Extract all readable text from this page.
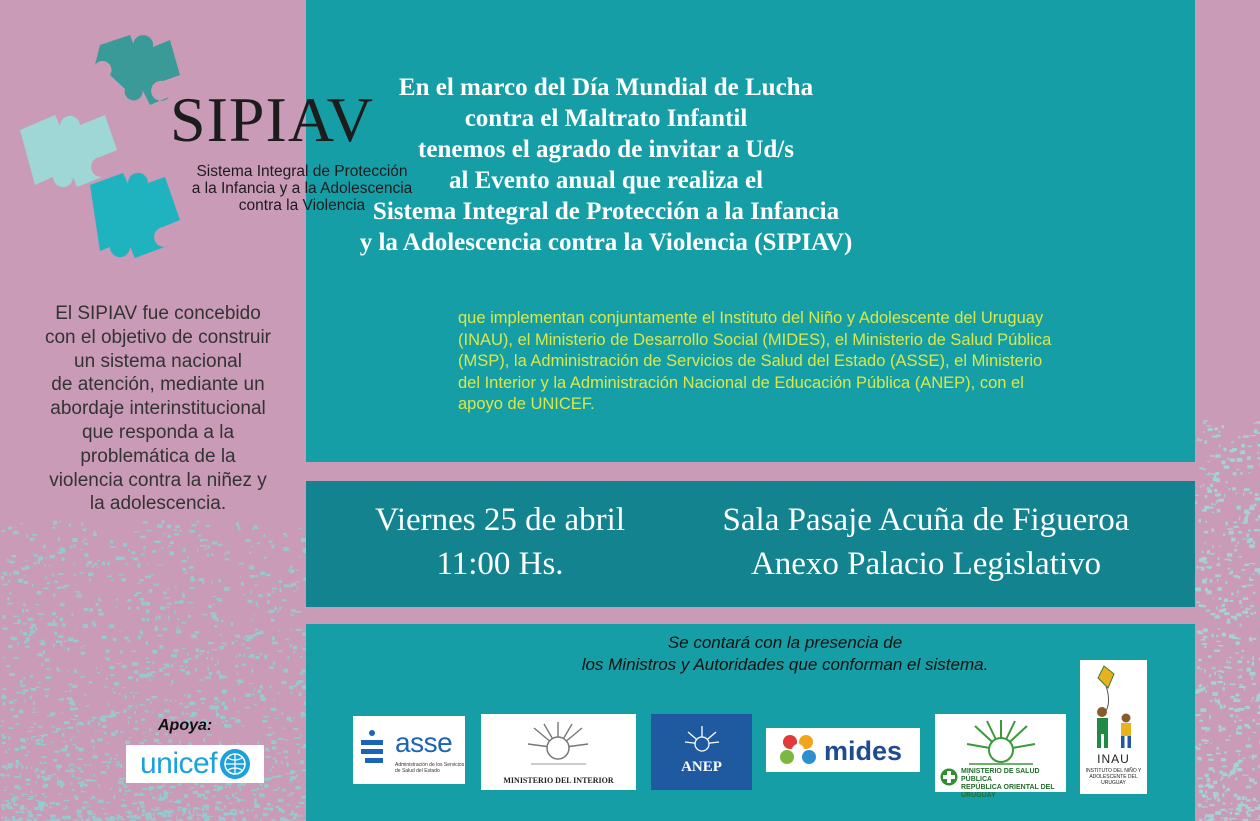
SIPIAV
Sistema Integral de Protección
a la Infancia y a la Adolescencia
contra la Violencia
El SIPIAV fue concebido
con el objetivo de construir
un sistema nacional
de atención, mediante un
abordaje interinstitucional
que responda a la
problemática de la
violencia contra la niñez y
la adolescencia.
Apoya:
unicef
En el marco del Día Mundial de Lucha
contra el Maltrato Infantil
tenemos el agrado de invitar a Ud/s
al Evento anual que realiza el
Sistema Integral de Protección a la Infancia
y la Adolescencia contra la Violencia (SIPIAV)
que implementan conjuntamente el Instituto del Niño y Adolescente del Uruguay
(INAU), el Ministerio de Desarrollo Social (MIDES), el Ministerio de Salud Pública
(MSP), la Administración de Servicios de Salud del Estado (ASSE), el Ministerio
del Interior y la Administración Nacional de Educación Pública (ANEP), con el
apoyo de UNICEF.
Viernes 25 de abril
11:00 Hs.
Sala Pasaje Acuña de Figueroa
Anexo Palacio Legislativo
Se contará con la presencia de
los Ministros y Autoridades que conforman el sistema.
asse
Administración de los Servicios de Salud del Estado
MINISTERIO DEL INTERIOR
ANEP
mides
MINISTERIO DE SALUD PÚBLICA
REPÚBLICA ORIENTAL DEL URUGUAY
INAU
INSTITUTO DEL NIÑO Y ADOLESCENTE DEL URUGUAY
